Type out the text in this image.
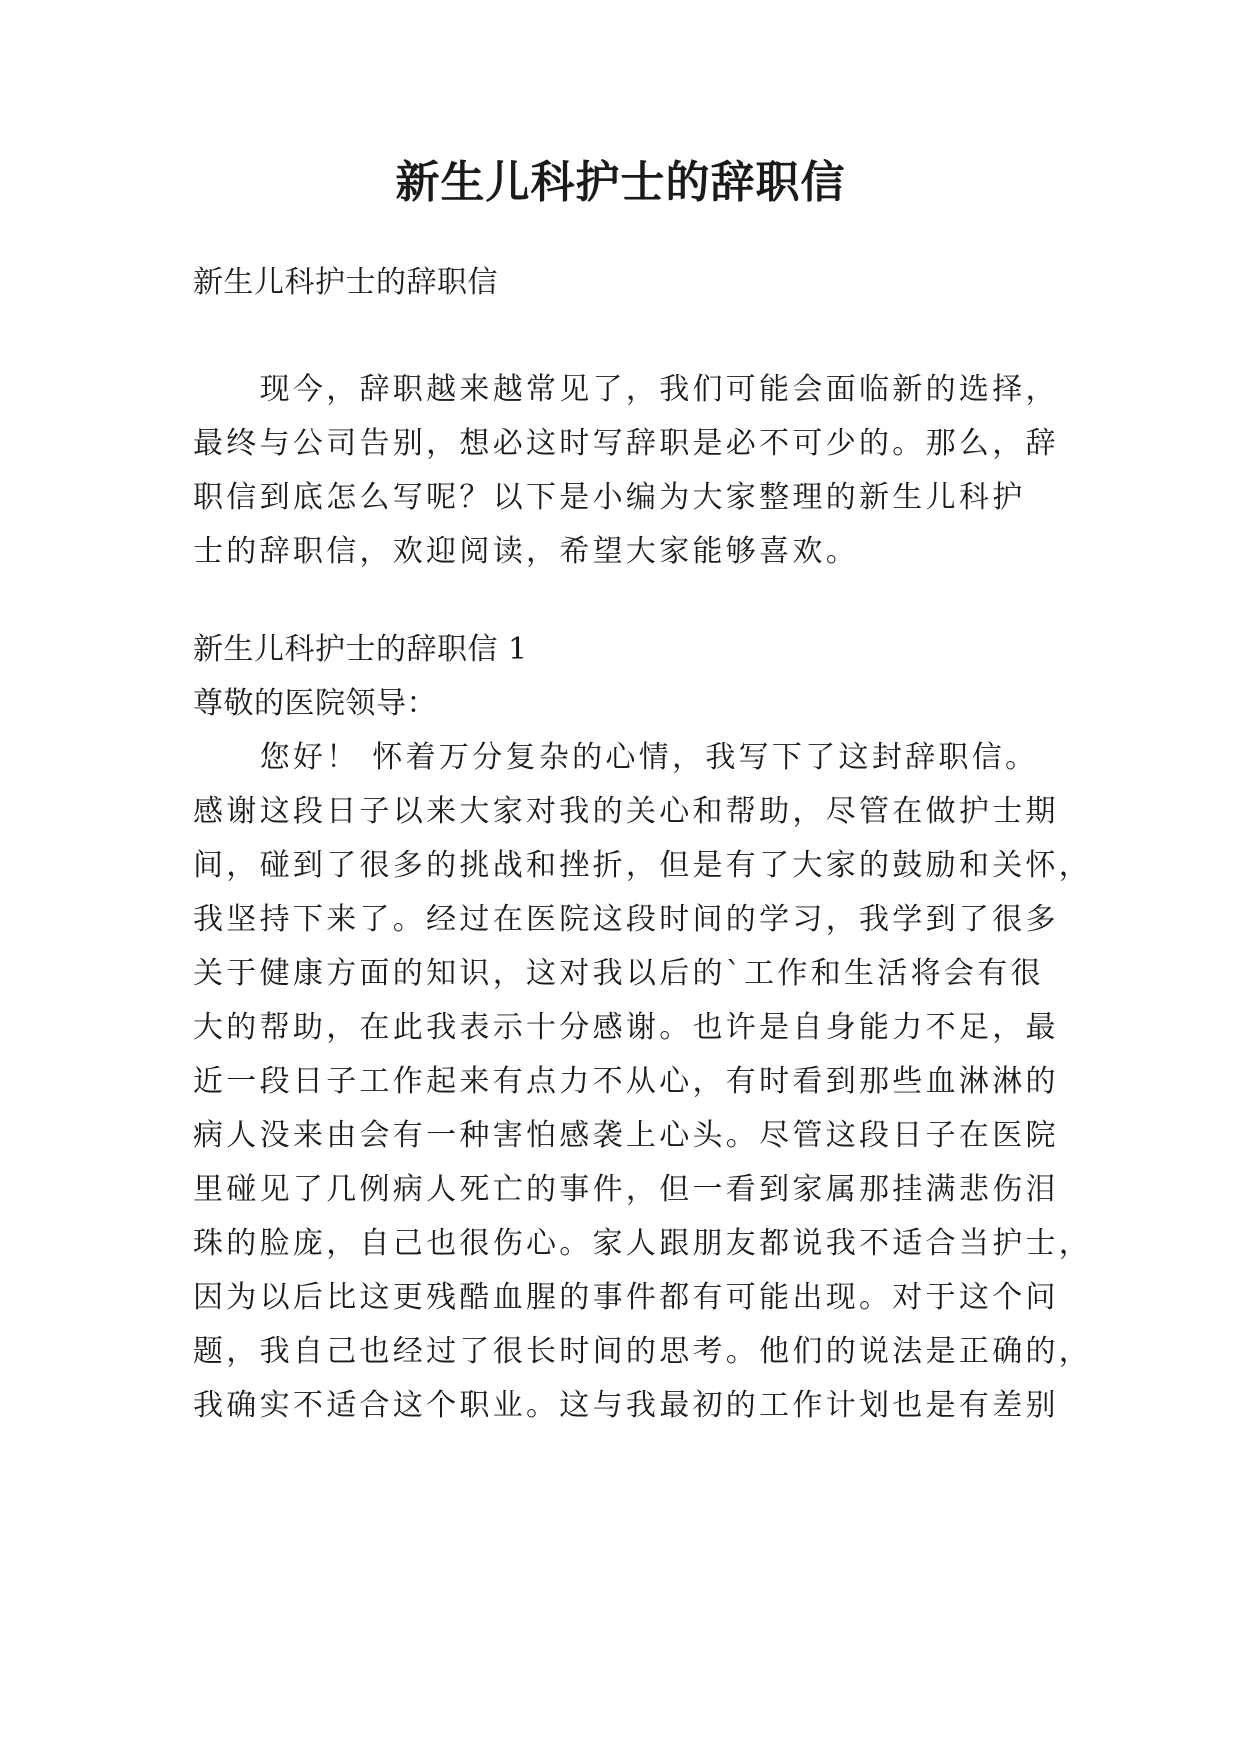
新生儿科护士的辞职信
新生儿科护士的辞职信
　　现今，辞职越来越常见了，我们可能会面临新的选择，
最终与公司告别，想必这时写辞职是必不可少的。那么，辞
职信到底怎么写呢？以下是小编为大家整理的新生儿科护
士的辞职信，欢迎阅读，希望大家能够喜欢。
新生儿科护士的辞职信 1
尊敬的医院领导：
　　您好！ 怀着万分复杂的心情，我写下了这封辞职信。
感谢这段日子以来大家对我的关心和帮助，尽管在做护士期
间，碰到了很多的挑战和挫折，但是有了大家的鼓励和关怀，
我坚持下来了。经过在医院这段时间的学习，我学到了很多
关于健康方面的知识，这对我以后的`工作和生活将会有很
大的帮助，在此我表示十分感谢。也许是自身能力不足，最
近一段日子工作起来有点力不从心，有时看到那些血淋淋的
病人没来由会有一种害怕感袭上心头。尽管这段日子在医院
里碰见了几例病人死亡的事件，但一看到家属那挂满悲伤泪
珠的脸庞，自己也很伤心。家人跟朋友都说我不适合当护士，
因为以后比这更残酷血腥的事件都有可能出现。对于这个问
题，我自己也经过了很长时间的思考。他们的说法是正确的，
我确实不适合这个职业。这与我最初的工作计划也是有差别
